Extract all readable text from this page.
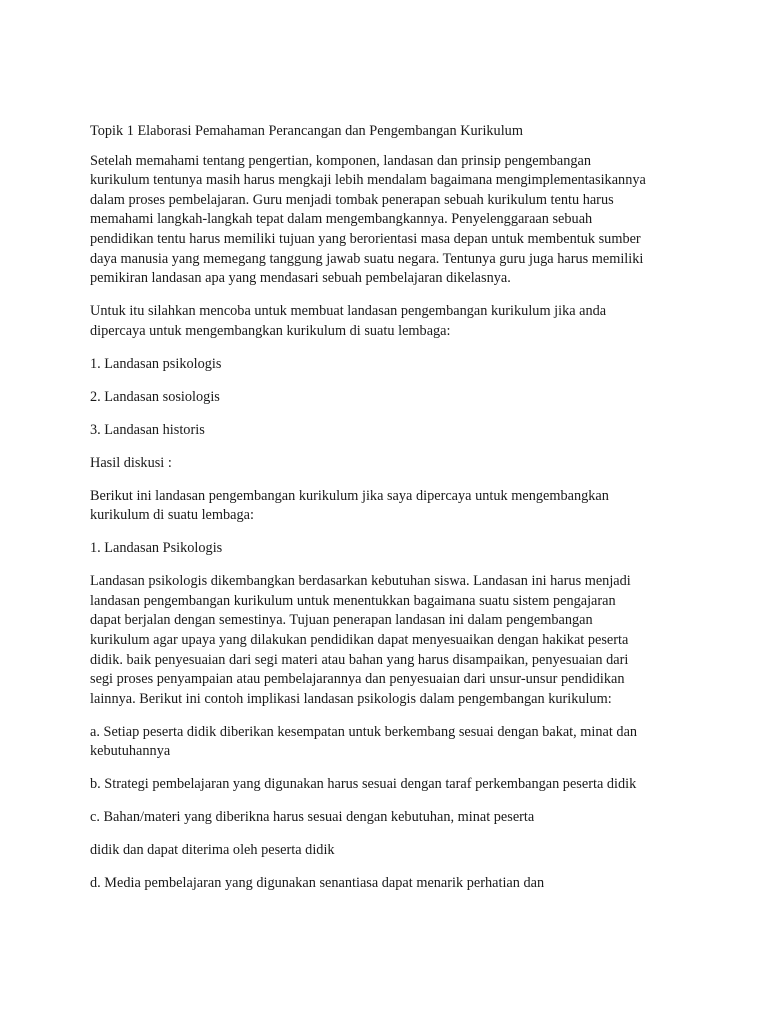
Topik 1 Elaborasi Pemahaman Perancangan dan Pengembangan Kurikulum

Setelah memahami tentang pengertian, komponen, landasan dan prinsip pengembangan
kurikulum tentunya masih harus mengkaji lebih mendalam bagaimana mengimplementasikannya
dalam proses pembelajaran. Guru menjadi tombak penerapan sebuah kurikulum tentu harus
memahami langkah-langkah tepat dalam mengembangkannya. Penyelenggaraan sebuah
pendidikan tentu harus memiliki tujuan yang berorientasi masa depan untuk membentuk sumber
daya manusia yang memegang tanggung jawab suatu negara. Tentunya guru juga harus memiliki
pemikiran landasan apa yang mendasari sebuah pembelajaran dikelasnya.

Untuk itu silahkan mencoba untuk membuat landasan pengembangan kurikulum jika anda
dipercaya untuk mengembangkan kurikulum di suatu lembaga:

1. Landasan psikologis

2. Landasan sosiologis

3. Landasan historis

Hasil diskusi :

Berikut ini landasan pengembangan kurikulum jika saya dipercaya untuk mengembangkan
kurikulum di suatu lembaga:

1. Landasan Psikologis

Landasan psikologis dikembangkan berdasarkan kebutuhan siswa. Landasan ini harus menjadi
landasan pengembangan kurikulum untuk menentukkan bagaimana suatu sistem pengajaran
dapat berjalan dengan semestinya. Tujuan penerapan landasan ini dalam pengembangan
kurikulum agar upaya yang dilakukan pendidikan dapat menyesuaikan dengan hakikat peserta
didik. baik penyesuaian dari segi materi atau bahan yang harus disampaikan, penyesuaian dari
segi proses penyampaian atau pembelajarannya dan penyesuaian dari unsur-unsur pendidikan
lainnya. Berikut ini contoh implikasi landasan psikologis dalam pengembangan kurikulum:

a. Setiap peserta didik diberikan kesempatan untuk berkembang sesuai dengan bakat, minat dan
kebutuhannya

b. Strategi pembelajaran yang digunakan harus sesuai dengan taraf perkembangan peserta didik

c. Bahan/materi yang diberikna harus sesuai dengan kebutuhan, minat peserta

didik dan dapat diterima oleh peserta didik

d. Media pembelajaran yang digunakan senantiasa dapat menarik perhatian dan
